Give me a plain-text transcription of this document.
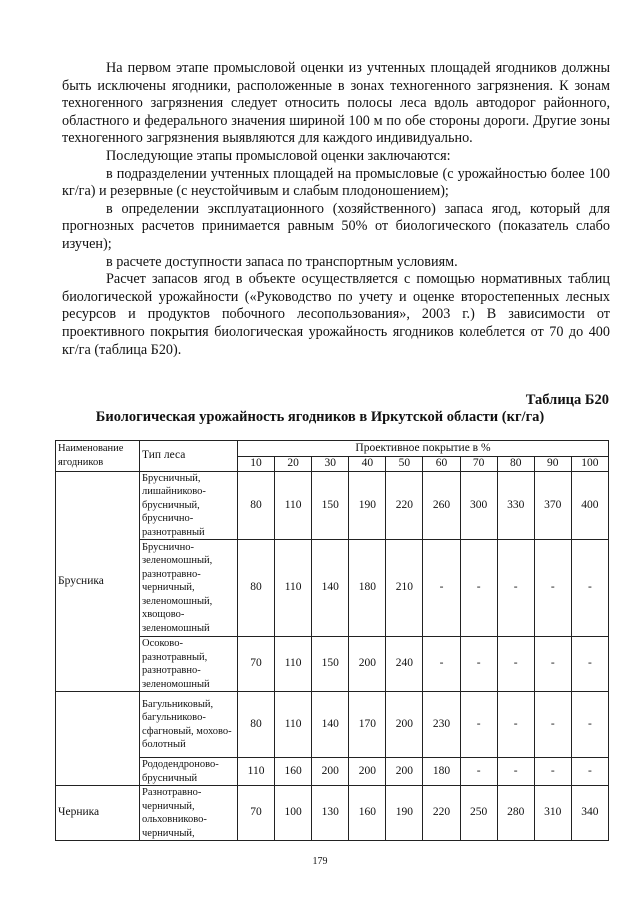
На первом этапе промысловой оценки из учтенных площадей ягодников должны быть исключены ягодники, расположенные в зонах техногенного загрязнения. К зонам техногенного загрязнения следует относить полосы леса вдоль автодорог районного, областного и федерального значения шириной 100 м по обе стороны дороги. Другие зоны техногенного загрязнения выявляются для каждого индивидуально.

Последующие этапы промысловой оценки заключаются:

в подразделении учтенных площадей на промысловые (с урожайностью более 100 кг/га) и резервные (с неустойчивым и слабым плодоношением);

в определении эксплуатационного (хозяйственного) запаса ягод, который для прогнозных расчетов принимается равным 50% от биологического (показатель слабо изучен);

в расчете доступности запаса по транспортным условиям.

Расчет запасов ягод в объекте осуществляется с помощью нормативных таблиц биологической урожайности («Руководство по учету и оценке второстепенных лесных ресурсов и продуктов побочного лесопользования», 2003 г.) В зависимости от проективного покрытия биологическая урожайность ягодников колеблется от 70 до 400 кг/га (таблица Б20).

Таблица Б20
Биологическая урожайность ягодников в Иркутской области (кг/га)
Наименование ягодников	Тип леса	Проективное покрытие в %									
		10	20	30	40	50	60	70	80	90	100
Брусника	Брусничный, лишайниково-брусничный, бруснично-разнотравный	80	110	150	190	220	260	300	330	370	400
	Бруснично-зеленомошный, разнотравно-черничный, зеленомошный, хвощово-зеленомошный	80	110	140	180	210	-	-	-	-	-
	Осоково-разнотравный, разнотравно-зеленомошный	70	110	150	200	240	-	-	-	-	-
	Багульниковый, багульниково-сфагновый, мохово-болотный	80	110	140	170	200	230	-	-	-	-
	Рододендроново-брусничный	110	160	200	200	200	180	-	-	-	-
Черника	Разнотравно-черничный, ольховниково-черничный,	70	100	130	160	190	220	250	280	310	340
179
